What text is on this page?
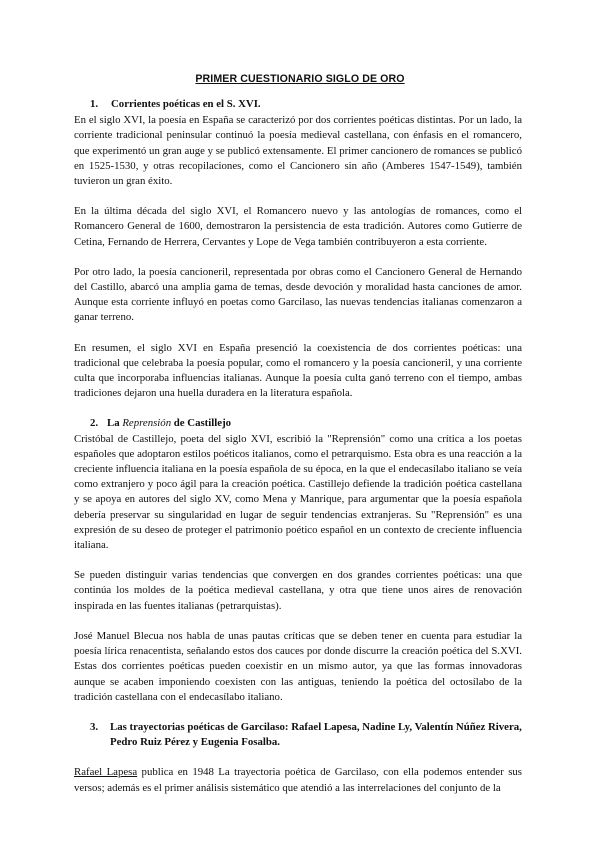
PRIMER CUESTIONARIO SIGLO DE ORO
1. Corrientes poéticas en el S. XVI.

En el siglo XVI, la poesía en España se caracterizó por dos corrientes poéticas distintas. Por un lado, la corriente tradicional peninsular continuó la poesía medieval castellana, con énfasis en el romancero, que experimentó un gran auge y se publicó extensamente. El primer cancionero de romances se publicó en 1525-1530, y otras recopilaciones, como el Cancionero sin año (Amberes 1547-1549), también tuvieron un gran éxito.

En la última década del siglo XVI, el Romancero nuevo y las antologías de romances, como el Romancero General de 1600, demostraron la persistencia de esta tradición. Autores como Gutierre de Cetina, Fernando de Herrera, Cervantes y Lope de Vega también contribuyeron a esta corriente.

Por otro lado, la poesía cancioneril, representada por obras como el Cancionero General de Hernando del Castillo, abarcó una amplia gama de temas, desde devoción y moralidad hasta canciones de amor. Aunque esta corriente influyó en poetas como Garcilaso, las nuevas tendencias italianas comenzaron a ganar terreno.

En resumen, el siglo XVI en España presenció la coexistencia de dos corrientes poéticas: una tradicional que celebraba la poesía popular, como el romancero y la poesía cancioneril, y una corriente culta que incorporaba influencias italianas. Aunque la poesía culta ganó terreno con el tiempo, ambas tradiciones dejaron una huella duradera en la literatura española.

2. La Reprensión de Castillejo

Cristóbal de Castillejo, poeta del siglo XVI, escribió la "Reprensión" como una crítica a los poetas españoles que adoptaron estilos poéticos italianos, como el petrarquismo. Esta obra es una reacción a la creciente influencia italiana en la poesía española de su época, en la que el endecasílabo italiano se veía como extranjero y poco ágil para la creación poética. Castillejo defiende la tradición poética castellana y se apoya en autores del siglo XV, como Mena y Manrique, para argumentar que la poesía española debería preservar su singularidad en lugar de seguir tendencias extranjeras. Su "Reprensión" es una expresión de su deseo de proteger el patrimonio poético español en un contexto de creciente influencia italiana.

Se pueden distinguir varias tendencias que convergen en dos grandes corrientes poéticas: una que continúa los moldes de la poética medieval castellana, y otra que tiene unos aires de renovación inspirada en las fuentes italianas (petrarquistas).

José Manuel Blecua nos habla de unas pautas críticas que se deben tener en cuenta para estudiar la poesía lírica renacentista, señalando estos dos cauces por donde discurre la creación poética del S.XVI. Estas dos corrientes poéticas pueden coexistir en un mismo autor, ya que las formas innovadoras aunque se acaben imponiendo coexisten con las antiguas, teniendo la poética del octosílabo de la tradición castellana con el endecasílabo italiano.

3.	Las trayectorias poéticas de Garcilaso: Rafael Lapesa, Nadine Ly, Valentín Núñez Rivera, Pedro Ruiz Pérez y Eugenia Fosalba.

Rafael Lapesa publica en 1948 La trayectoria poética de Garcilaso, con ella podemos entender sus versos; además es el primer análisis sistemático que atendió a las interrelaciones del conjunto de la
